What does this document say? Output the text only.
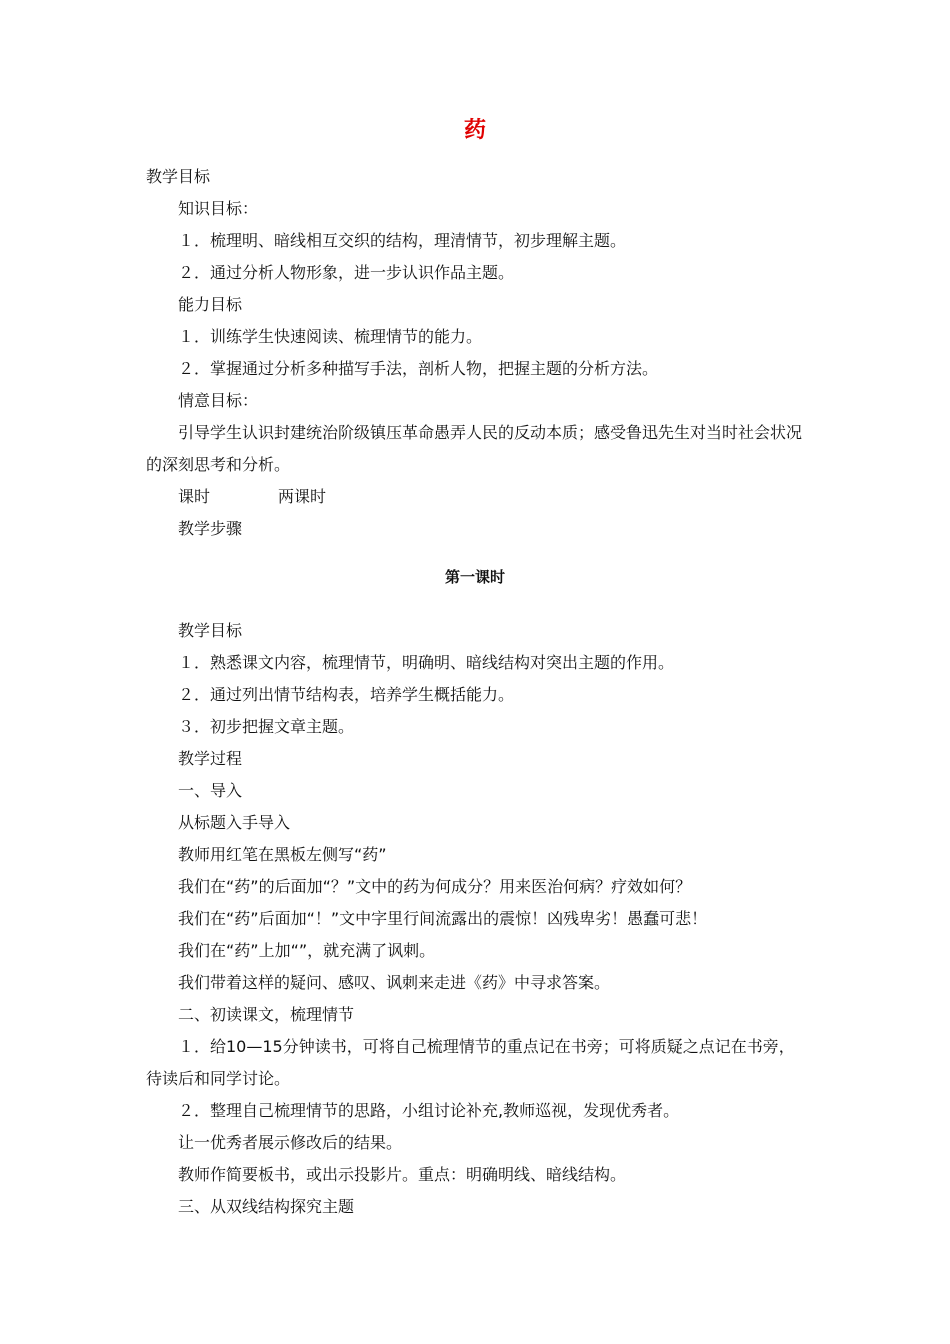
药
教学目标
知识目标：
１．梳理明、暗线相互交织的结构，理清情节，初步理解主题。
２．通过分析人物形象，进一步认识作品主题。
能力目标
１．训练学生快速阅读、梳理情节的能力。
２．掌握通过分析多种描写手法，剖析人物，把握主题的分析方法。
情意目标：
引导学生认识封建统治阶级镇压革命愚弄人民的反动本质；感受鲁迅先生对当时社会状况的深刻思考和分析。
课时	两课时
教学步骤
第一课时
教学目标
１．熟悉课文内容，梳理情节，明确明、暗线结构对突出主题的作用。
２．通过列出情节结构表，培养学生概括能力。
３．初步把握文章主题。
教学过程
一、导入
从标题入手导入
教师用红笔在黑板左侧写“药”
我们在“药”的后面加“？”文中的药为何成分？用来医治何病？疗效如何？
我们在“药”后面加“！”文中字里行间流露出的震惊！凶残卑劣！愚蠢可悲！
我们在“药”上加“”，就充满了讽刺。
我们带着这样的疑问、感叹、讽刺来走进《药》中寻求答案。
二、初读课文，梳理情节
１．给10—15分钟读书，可将自己梳理情节的重点记在书旁；可将质疑之点记在书旁，待读后和同学讨论。
２．整理自己梳理情节的思路，小组讨论补充,教师巡视，发现优秀者。
让一优秀者展示修改后的结果。
教师作简要板书，或出示投影片。重点：明确明线、暗线结构。
三、从双线结构探究主题
